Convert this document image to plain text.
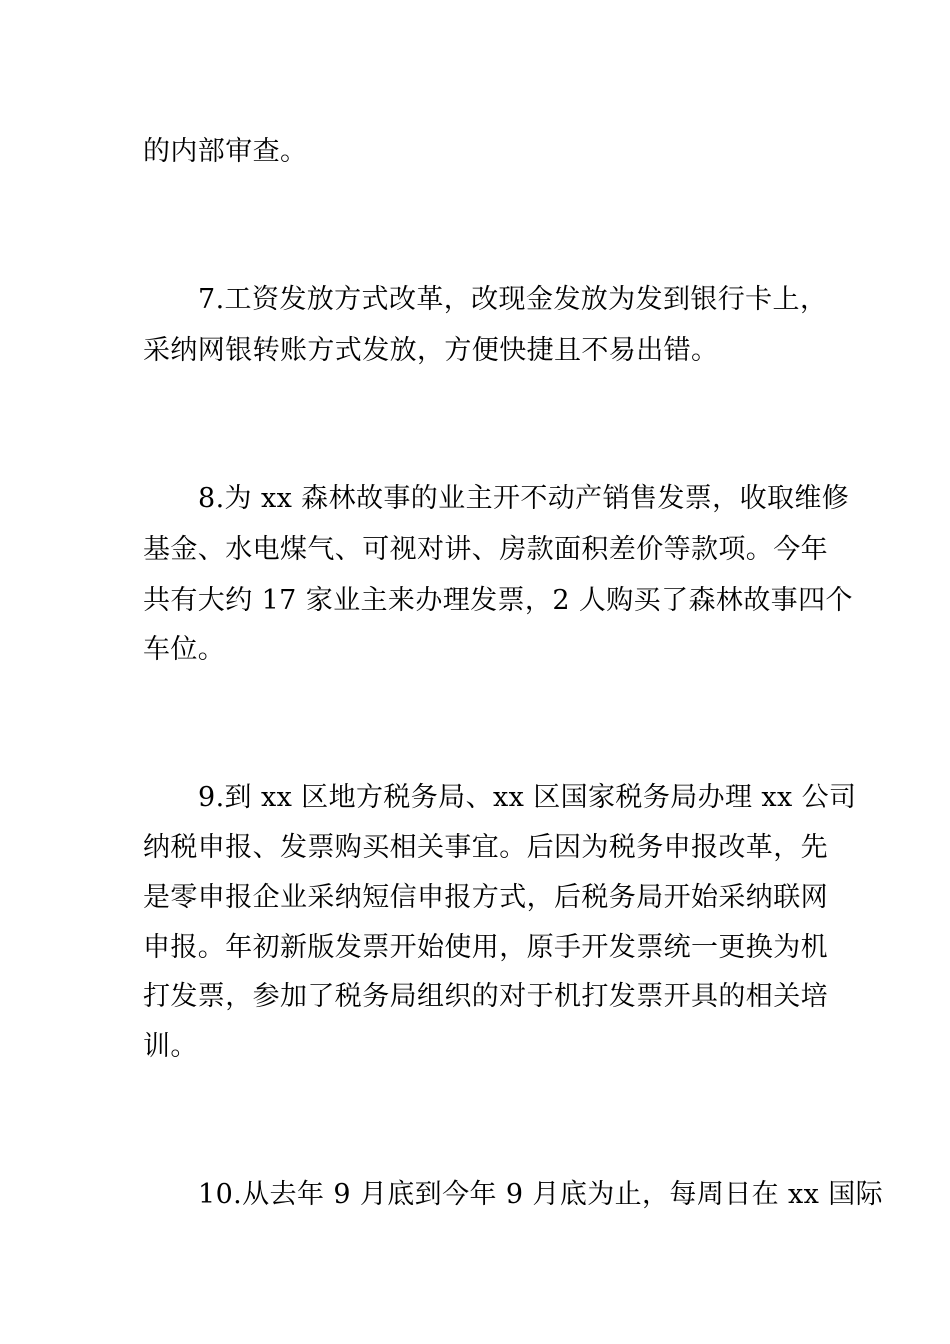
的内部审查。
7.工资发放方式改革，改现金发放为发到银行卡上，
采纳网银转账方式发放，方便快捷且不易出错。
8.为 xx 森林故事的业主开不动产销售发票，收取维修
基金、水电煤气、可视对讲、房款面积差价等款项。今年
共有大约 17 家业主来办理发票，2 人购买了森林故事四个
车位。
9.到 xx 区地方税务局、xx 区国家税务局办理 xx 公司
纳税申报、发票购买相关事宜。后因为税务申报改革，先
是零申报企业采纳短信申报方式，后税务局开始采纳联网
申报。年初新版发票开始使用，原手开发票统一更换为机
打发票，参加了税务局组织的对于机打发票开具的相关培
训。
10.从去年 9 月底到今年 9 月底为止，每周日在 xx 国际
